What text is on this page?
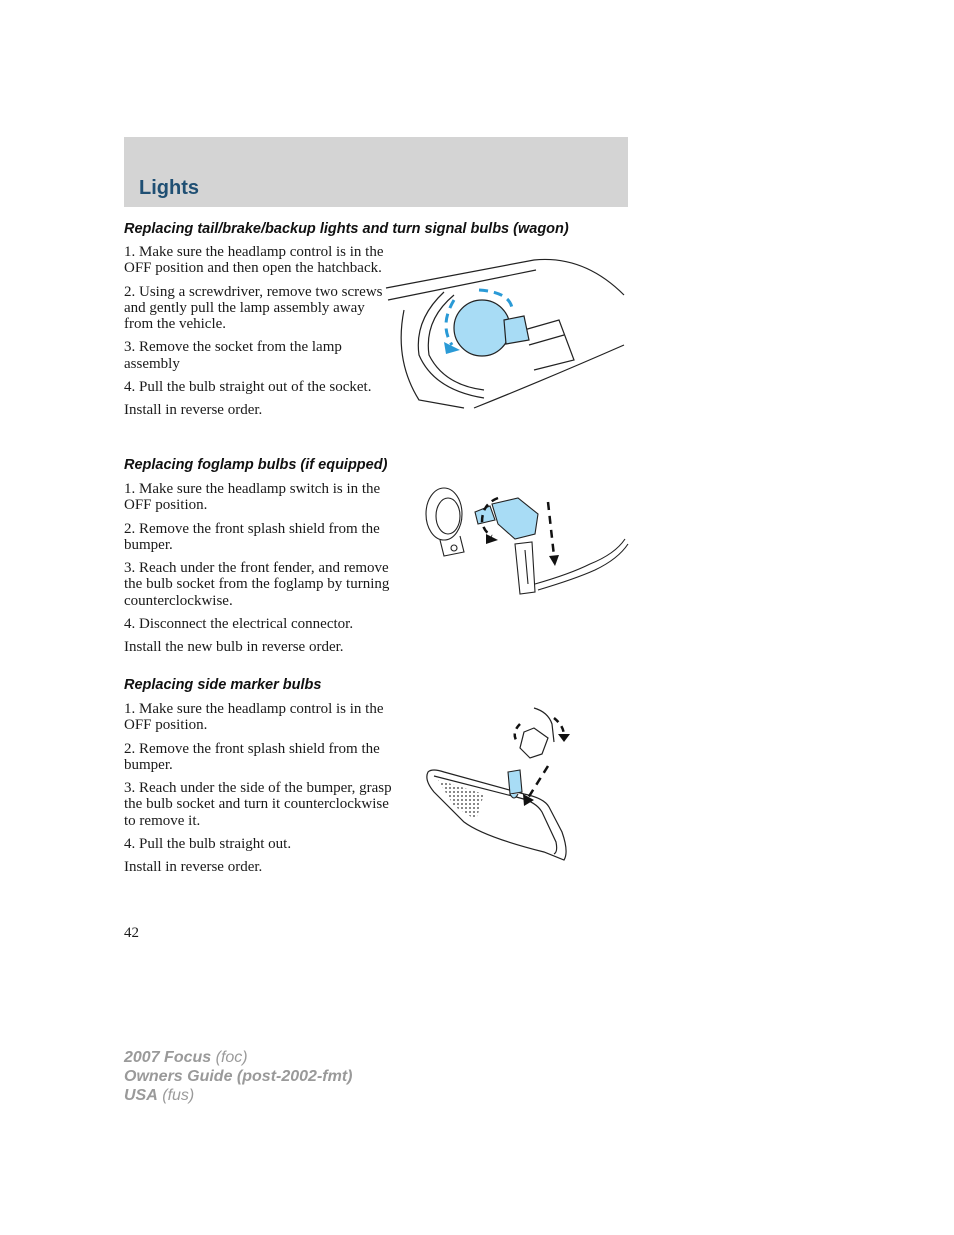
Lights
Replacing tail/brake/backup lights and turn signal bulbs (wagon)
1. Make sure the headlamp control is in the OFF position and then open the hatchback.
2. Using a screwdriver, remove two screws and gently pull the lamp assembly away from the vehicle.
3. Remove the socket from the lamp assembly
4. Pull the bulb straight out of the socket.
Install in reverse order.
Replacing foglamp bulbs (if equipped)
1. Make sure the headlamp switch is in the OFF position.
2. Remove the front splash shield from the bumper.
3. Reach under the front fender, and remove the bulb socket from the foglamp by turning counterclockwise.
4. Disconnect the electrical connector.
Install the new bulb in reverse order.
Replacing side marker bulbs
1. Make sure the headlamp control is in the OFF position.
2. Remove the front splash shield from the bumper.
3. Reach under the side of the bumper, grasp the bulb socket and turn it counterclockwise to remove it.
4. Pull the bulb straight out.
Install in reverse order.
42
2007 Focus (foc)
Owners Guide (post-2002-fmt)
USA (fus)
